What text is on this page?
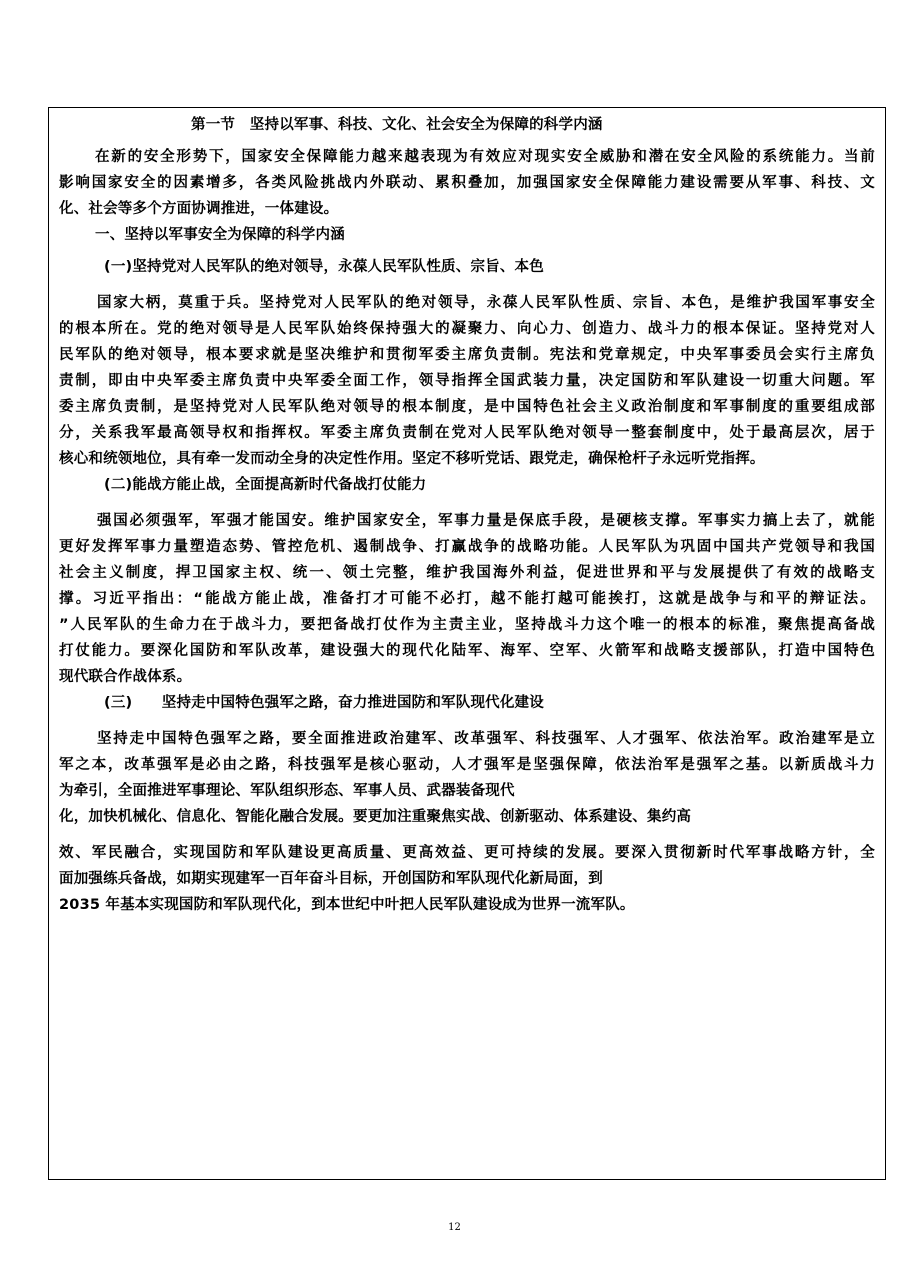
第一节　坚持以军事、科技、文化、社会安全为保障的科学内涵
在新的安全形势下，国家安全保障能力越来越表现为有效应对现实安全威胁和潜在安全风险的系统能力。当前
影响国家安全的因素增多，各类风险挑战内外联动、累积叠加，加强国家安全保障能力建设需要从军事、科技、文
化、社会等多个方面协调推进，一体建设。
一、坚持以军事安全为保障的科学内涵
(一)坚持党对人民军队的绝对领导，永葆人民军队性质、宗旨、本色
国家大柄，莫重于兵。坚持党对人民军队的绝对领导，永葆人民军队性质、宗旨、本色，是维护我国军事安全
的根本所在。党的绝对领导是人民军队始终保持强大的凝聚力、向心力、创造力、战斗力的根本保证。坚持党对人
民军队的绝对领导，根本要求就是坚决维护和贯彻军委主席负责制。宪法和党章规定，中央军事委员会实行主席负
责制，即由中央军委主席负责中央军委全面工作，领导指挥全国武装力量，决定国防和军队建设一切重大问题。军
委主席负责制，是坚持党对人民军队绝对领导的根本制度，是中国特色社会主义政治制度和军事制度的重要组成部
分，关系我军最高领导权和指挥权。军委主席负责制在党对人民军队绝对领导一整套制度中，处于最高层次，居于
核心和统领地位，具有牵一发而动全身的决定性作用。坚定不移听党话、跟党走，确保枪杆子永远听党指挥。
(二)能战方能止战，全面提高新时代备战打仗能力
强国必须强军，军强才能国安。维护国家安全，军事力量是保底手段，是硬核支撑。军事实力搞上去了，就能
更好发挥军事力量塑造态势、管控危机、遏制战争、打赢战争的战略功能。人民军队为巩固中国共产党领导和我国
社会主义制度，捍卫国家主权、统一、领土完整，维护我国海外利益，促进世界和平与发展提供了有效的战略支
撑。习近平指出：“能战方能止战，准备打才可能不必打，越不能打越可能挨打，这就是战争与和平的辩证法。
”人民军队的生命力在于战斗力，要把备战打仗作为主责主业，坚持战斗力这个唯一的根本的标准，聚焦提高备战
打仗能力。要深化国防和军队改革，建设强大的现代化陆军、海军、空军、火箭军和战略支援部队，打造中国特色
现代联合作战体系。
(三)　　坚持走中国特色强军之路，奋力推进国防和军队现代化建设
坚持走中国特色强军之路，要全面推进政治建军、改革强军、科技强军、人才强军、依法治军。政治建军是立
军之本，改革强军是必由之路，科技强军是核心驱动，人才强军是坚强保障，依法治军是强军之基。以新质战斗力
为牵引，全面推进军事理论、军队组织形态、军事人员、武器装备现代
化，加快机械化、信息化、智能化融合发展。要更加注重聚焦实战、创新驱动、体系建设、集约高
效、军民融合，实现国防和军队建设更高质量、更高效益、更可持续的发展。要深入贯彻新时代军事战略方针，全
面加强练兵备战，如期实现建军一百年奋斗目标，开创国防和军队现代化新局面，到
2035 年基本实现国防和军队现代化，到本世纪中叶把人民军队建设成为世界一流军队。
12
